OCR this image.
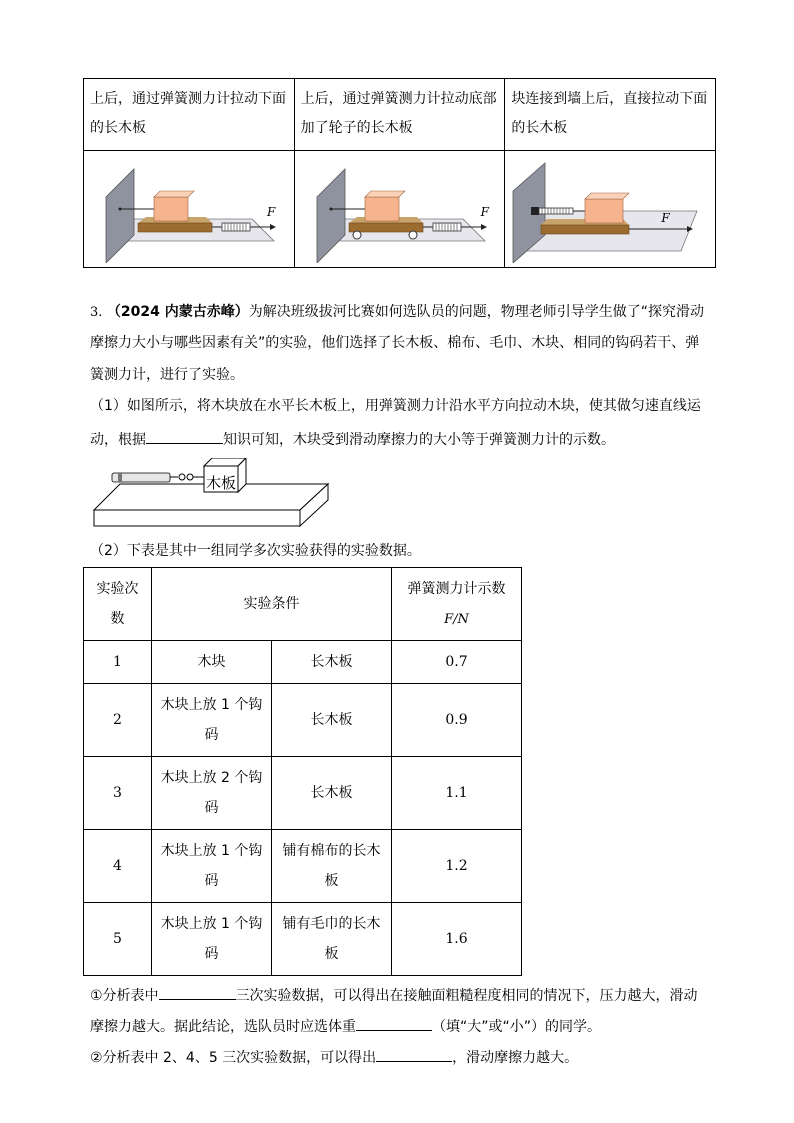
上后，通过弹簧测力计拉动下面的长木板	上后，通过弹簧测力计拉动底部加了轮子的长木板	块连接到墙上后，直接拉动下面的长木板

F	F	F
3. （2024 内蒙古赤峰）为解决班级拔河比赛如何选队员的问题，物理老师引导学生做了“探究滑动
摩擦力大小与哪些因素有关”的实验，他们选择了长木板、棉布、毛巾、木块、相同的钩码若干、弹
簧测力计，进行了实验。
（1）如图所示，将木块放在水平长木板上，用弹簧测力计沿水平方向拉动木块，使其做匀速直线运
动，根据	知识可知，木块受到滑动摩擦力的大小等于弹簧测力计的示数。
木板
（2）下表是其中一组同学多次实验获得的实验数据。
实验次数	实验条件		弹簧测力计示数
F/N
1	木块	长木板	0.7
2	木块上放 1 个钩码	长木板	0.9
3	木块上放 2 个钩码	长木板	1.1
4	木块上放 1 个钩码	铺有棉布的长木板	1.2
5	木块上放 1 个钩码	铺有毛巾的长木板	1.6
①分析表中	三次实验数据，可以得出在接触面粗糙程度相同的情况下，压力越大，滑动
摩擦力越大。据此结论，选队员时应选体重	（填“大”或“小”）的同学。
②分析表中 2、4、5 三次实验数据，可以得出	，滑动摩擦力越大。
